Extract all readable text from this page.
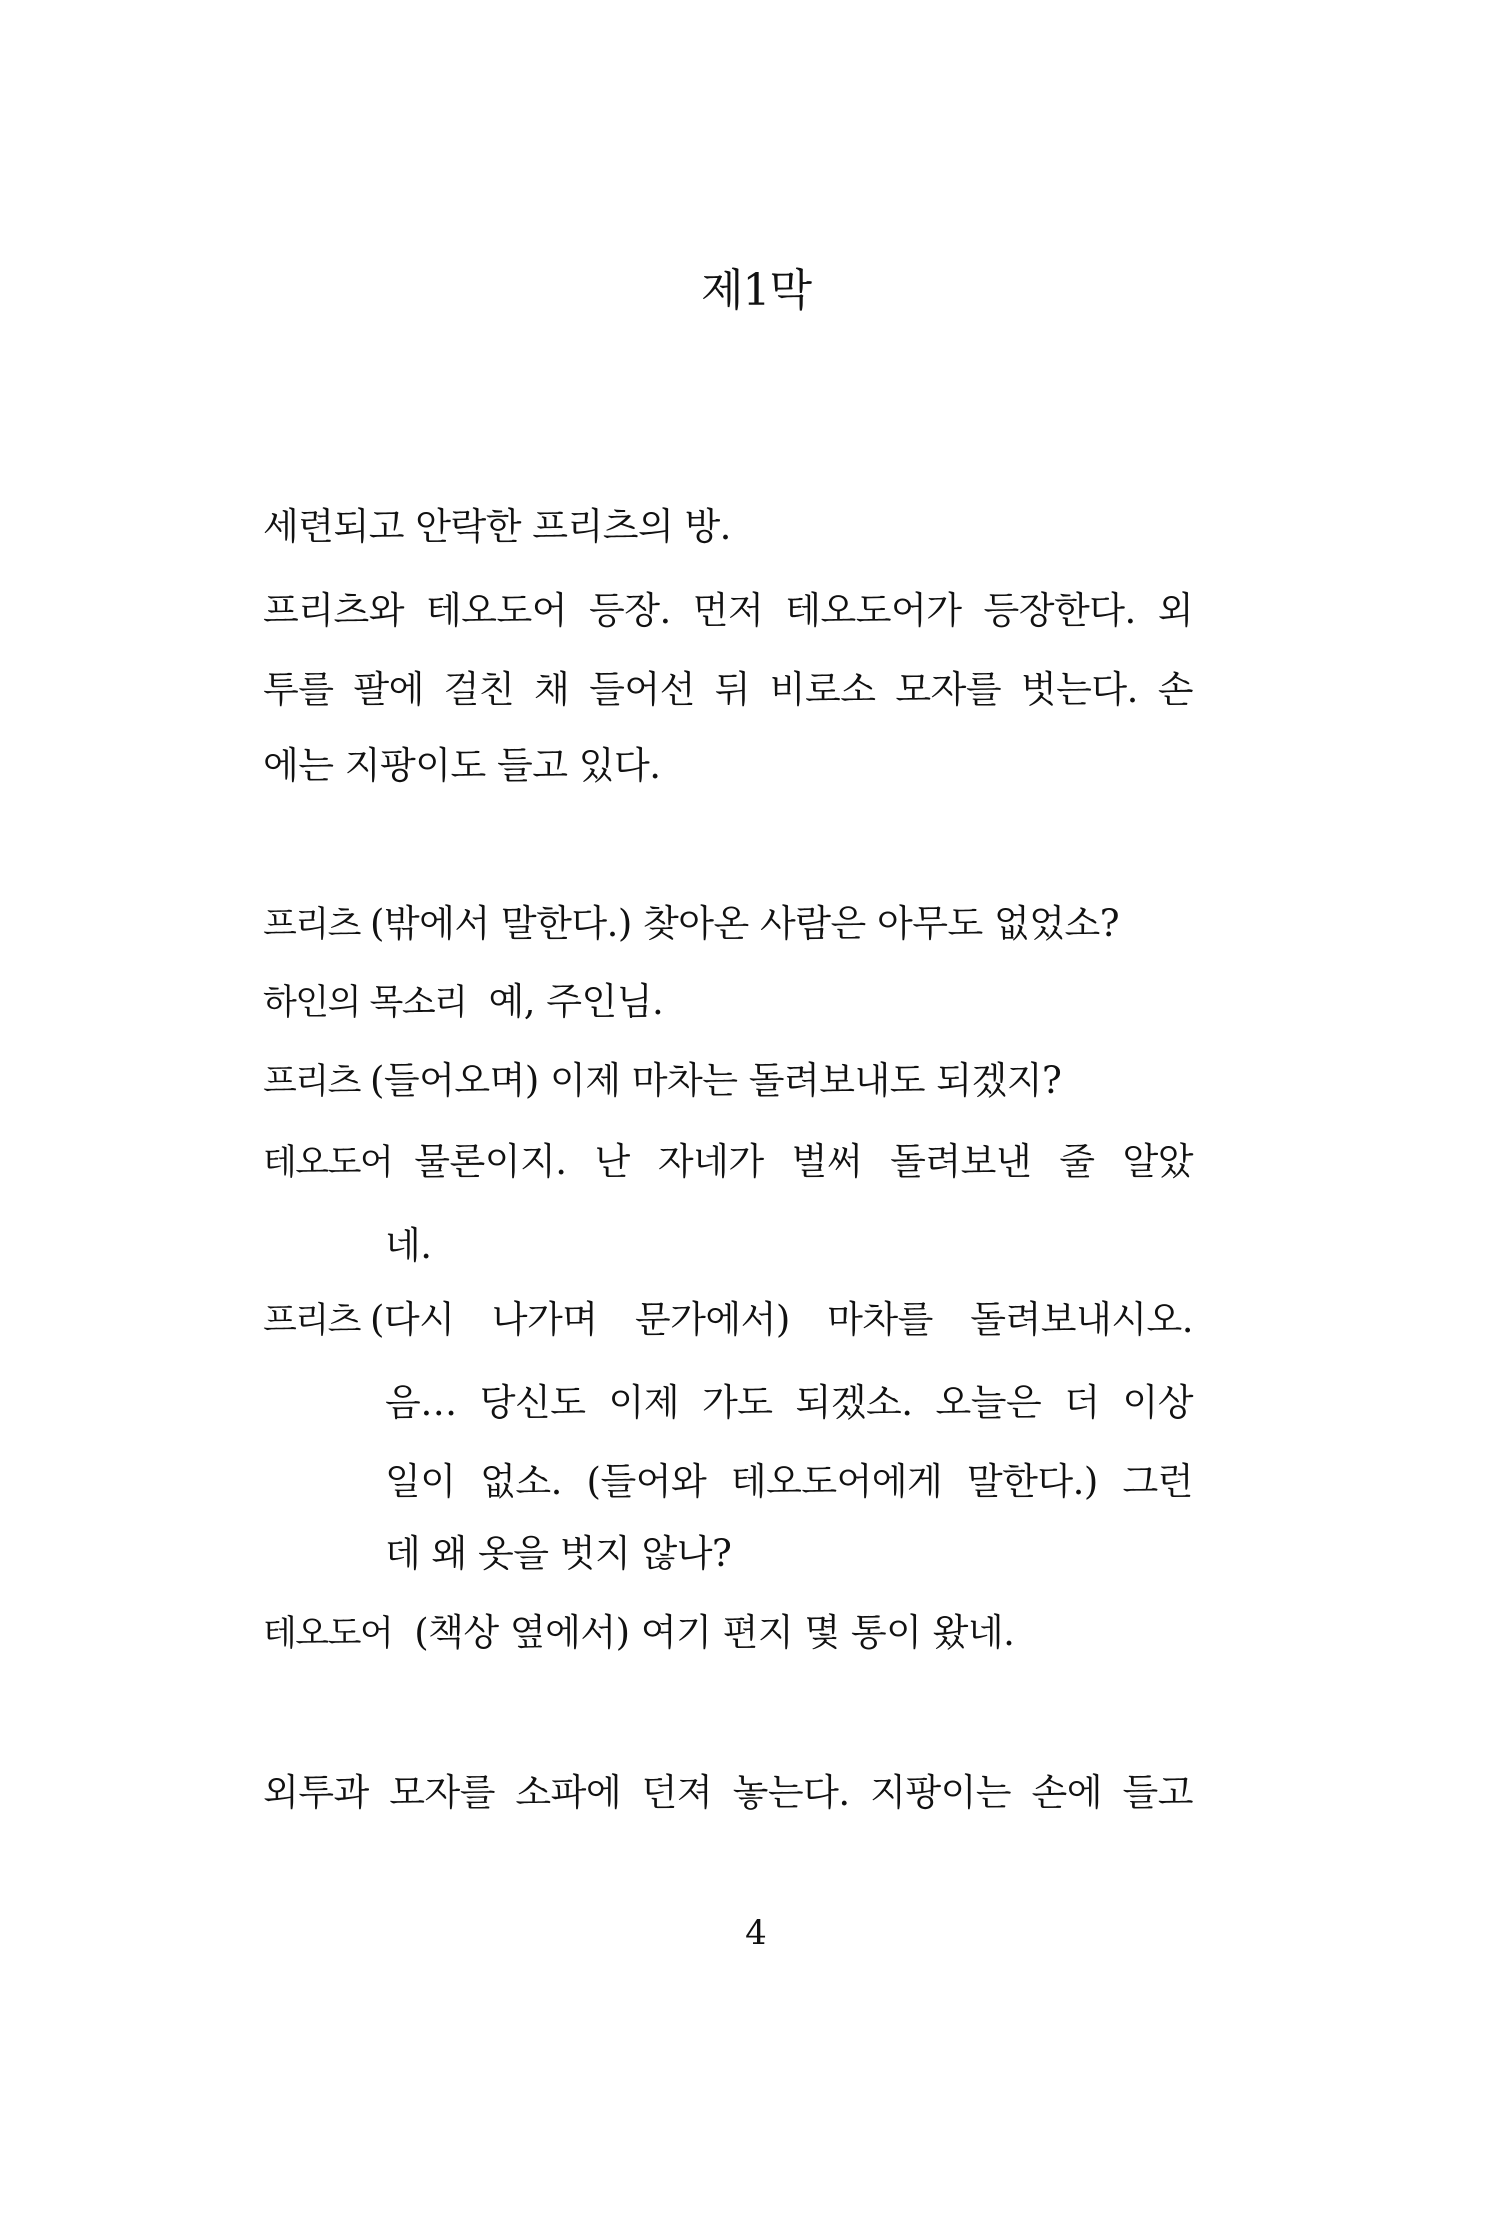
제1막
세련되고 안락한 프리츠의 방.
프리츠와 테오도어 등장. 먼저 테오도어가 등장한다. 외
투를 팔에 걸친 채 들어선 뒤 비로소 모자를 벗는다. 손
에는 지팡이도 들고 있다.
프리츠 (밖에서 말한다.) 찾아온 사람은 아무도 없었소?
하인의 목소리 예, 주인님.
프리츠 (들어오며) 이제 마차는 돌려보내도 되겠지?
테오도어 물론이지. 난 자네가 벌써 돌려보낸 줄 알았
네.
프리츠 (다시 나가며 문가에서) 마차를 돌려보내시오.
음… 당신도 이제 가도 되겠소. 오늘은 더 이상
일이 없소. (들어와 테오도어에게 말한다.) 그런
데 왜 옷을 벗지 않나?
테오도어 (책상 옆에서) 여기 편지 몇 통이 왔네.
외투과 모자를 소파에 던져 놓는다. 지팡이는 손에 들고
4
